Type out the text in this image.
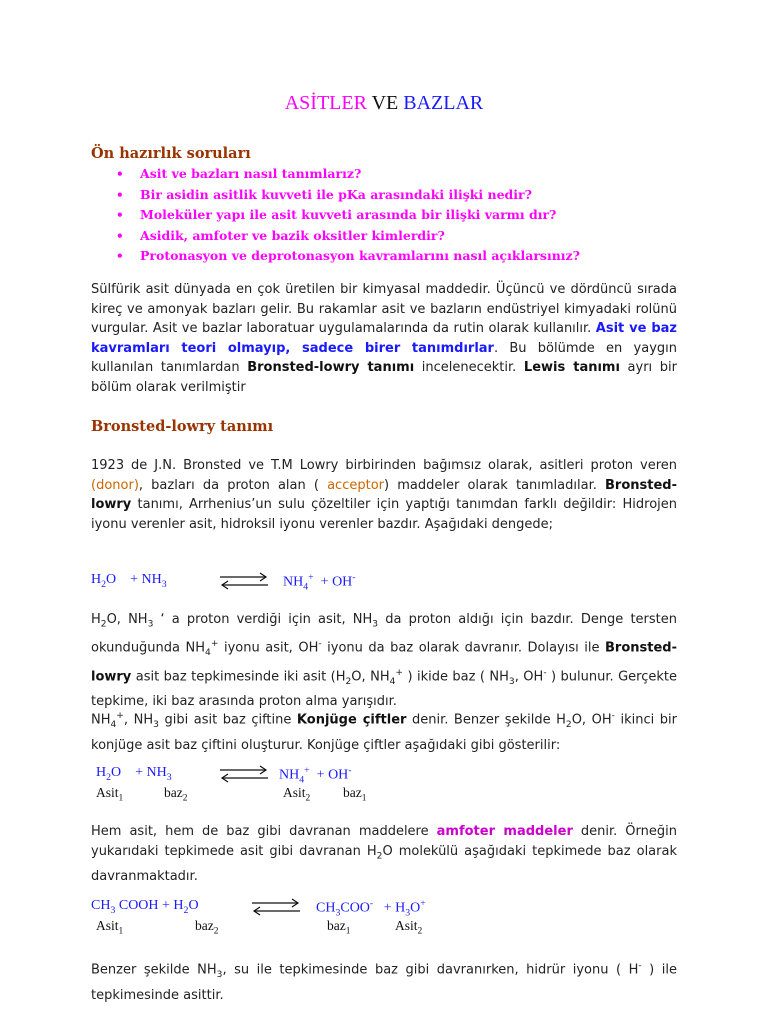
ASİTLER VE BAZLAR
Ön hazırlık soruları
• Asit ve bazları nasıl tanımlarız?
• Bir asidin asitlik kuvveti ile pKa arasındaki ilişki nedir?
• Moleküler yapı ile asit kuvveti arasında bir ilişki varmı dır?
• Asidik, amfoter ve bazik oksitler kimlerdir?
• Protonasyon ve deprotonasyon kavramlarını nasıl açıklarsınız?
Sülfürik asit dünyada en çok üretilen bir kimyasal maddedir. Üçüncü ve dördüncü sırada kireç ve amonyak bazları gelir. Bu rakamlar asit ve bazların endüstriyel kimyadaki rolünü vurgular. Asit ve bazlar laboratuar uygulamalarında da rutin olarak kullanılır. Asit ve baz kavramları teori olmayıp, sadece birer tanımdırlar. Bu bölümde en yaygın kullanılan tanımlardan Bronsted-lowry tanımı incelenecektir. Lewis tanımı ayrı bir bölüm olarak verilmiştir
Bronsted-lowry tanımı
1923 de J.N. Bronsted ve T.M Lowry birbirinden bağımsız olarak, asitleri proton veren (donor), bazları da proton alan ( acceptor) maddeler olarak tanımladılar. Bronsted-lowry tanımı, Arrhenius’un sulu çözeltiler için yaptığı tanımdan farklı değildir: Hidrojen iyonu verenler asit, hidroksil iyonu verenler bazdır. Aşağıdaki dengede;
$H_2O + NH_3$	⇌ $NH_4^+ + OH^-$
$H_2O$, $NH_3$ ‘ a proton verdiği için asit, $NH_3$ da proton aldığı için bazdır. Denge tersten okunduğunda $NH_4^+$ iyonu asit, OH- iyonu da baz olarak davranır. Dolayısı ile Bronsted-lowry asit baz tepkimesinde iki asit ($H_2O$, $NH_4^+$ ) ikide baz ( $NH_3$, OH- ) bulunur. Gerçekte tepkime, iki baz arasında proton alma yarışıdır.
$NH_4^+$, $NH_3$ gibi asit baz çiftine Konjüge çiftler denir. Benzer şekilde $H_2O$, OH- ikinci bir konjüge asit baz çiftini oluşturur. Konjüge çiftler aşağıdaki gibi gösterilir:
$H_2O + NH_3$	⇌ $NH_4^+ + OH^-$
Asit$_1$	baz$_2$	Asit$_2$ baz$_1$
Hem asit, hem de baz gibi davranan maddelere amfoter maddeler denir. Örneğin yukarıdaki tepkimede asit gibi davranan $H_2O$ molekülü aşağıdaki tepkimede baz olarak davranmaktadır.
$CH_3$ COOH + $H_2O$	⇌ $CH_3COO^- + H_3O^+$
Asit$_1$	baz$_2$	baz$_1$	Asit$_2$
Benzer şekilde $NH_3$, su ile tepkimesinde baz gibi davranırken, hidrür iyonu ( H- ) ile tepkimesinde asittir.
